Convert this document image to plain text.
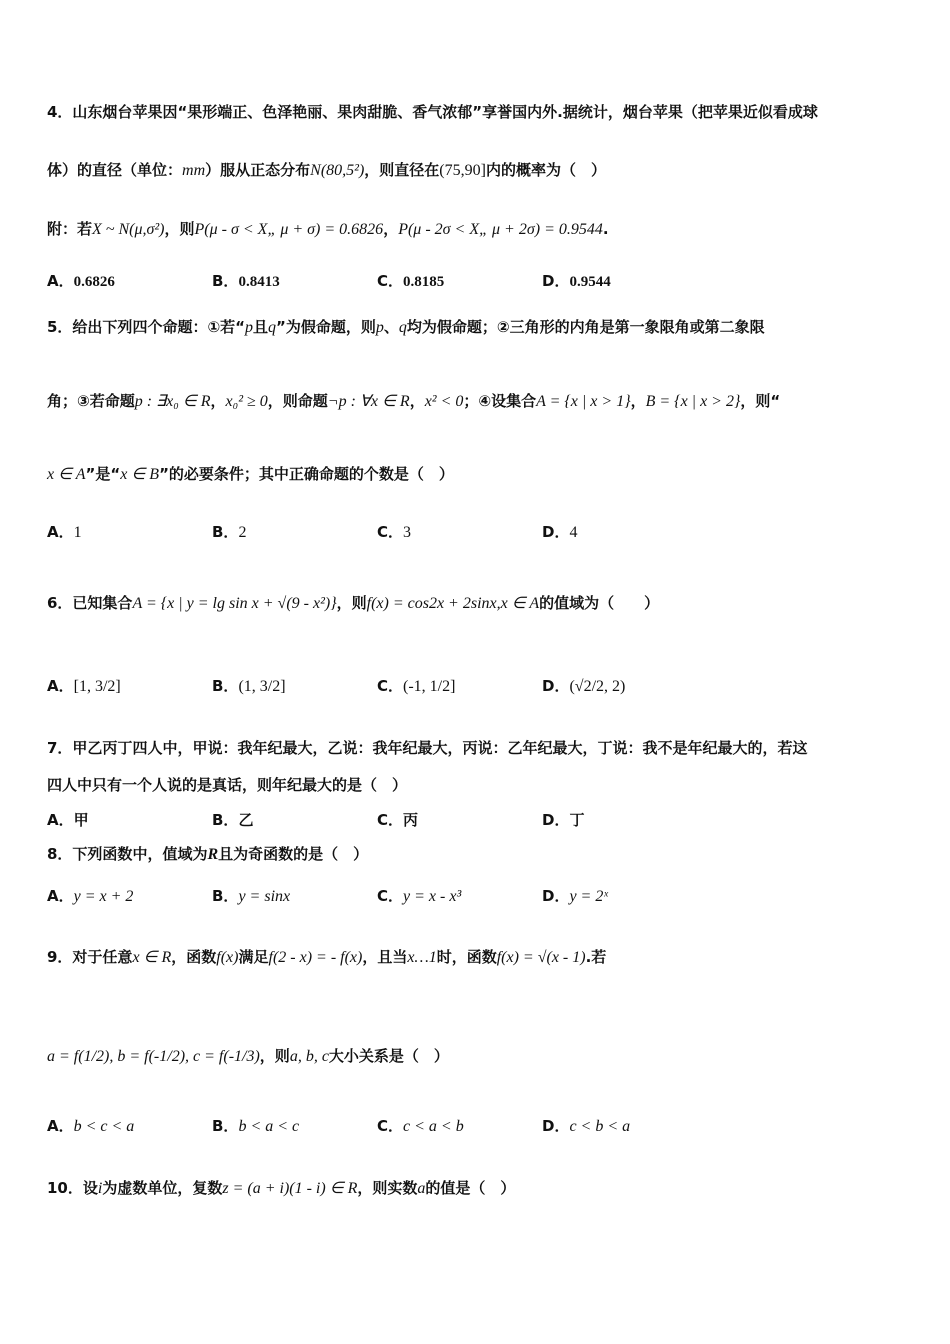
4．山东烟台苹果因“果形端正、色泽艳丽、果肉甜脆、香气浓郁”享誉国内外.据统计，烟台苹果（把苹果近似看成球
体）的直径（单位：mm）服从正态分布N(80,5²)，则直径在(75,90]内的概率为（　）
附：若X ~ N(μ,σ²)，则P(μ - σ < X„ μ + σ) = 0.6826，P(μ - 2σ < X„ μ + 2σ) = 0.9544.
A．0.6826	B．0.8413	C．0.8185	D．0.9544
5．给出下列四个命题：①若“p且q”为假命题，则p、q均为假命题；②三角形的内角是第一象限角或第二象限
角；③若命题p : ∃x₀ ∈ R，x₀² ≥ 0，则命题¬p : ∀x ∈ R，x² < 0；④设集合A = {x | x > 1}，B = {x | x > 2}，则“
x ∈ A”是“x ∈ B”的必要条件；其中正确命题的个数是（　）
A．1	B．2	C．3	D．4
6．已知集合A = {x | y = lg sin x + √(9 - x²)}，则f(x) = cos2x + 2sinx,x ∈ A的值域为（　　）
A．[1, 3/2]	B．(1, 3/2]	C．(-1, 1/2]	D．(√2/2, 2)
7．甲乙丙丁四人中，甲说：我年纪最大，乙说：我年纪最大，丙说：乙年纪最大，丁说：我不是年纪最大的，若这
四人中只有一个人说的是真话，则年纪最大的是（　）
A．甲	B．乙	C．丙	D．丁
8．下列函数中，值域为R且为奇函数的是（　）
A．y = x + 2	B．y = sinx	C．y = x - x³	D．y = 2ˣ
9．对于任意x ∈ R，函数f(x)满足f(2 - x) = - f(x)，且当x…1时，函数f(x) = √(x - 1).若
a = f(1/2), b = f(-1/2), c = f(-1/3)，则a, b, c大小关系是（　）
A．b < c < a	B．b < a < c	C．c < a < b	D．c < b < a
10．设i为虚数单位，复数z = (a + i)(1 - i) ∈ R，则实数a的值是（　）
